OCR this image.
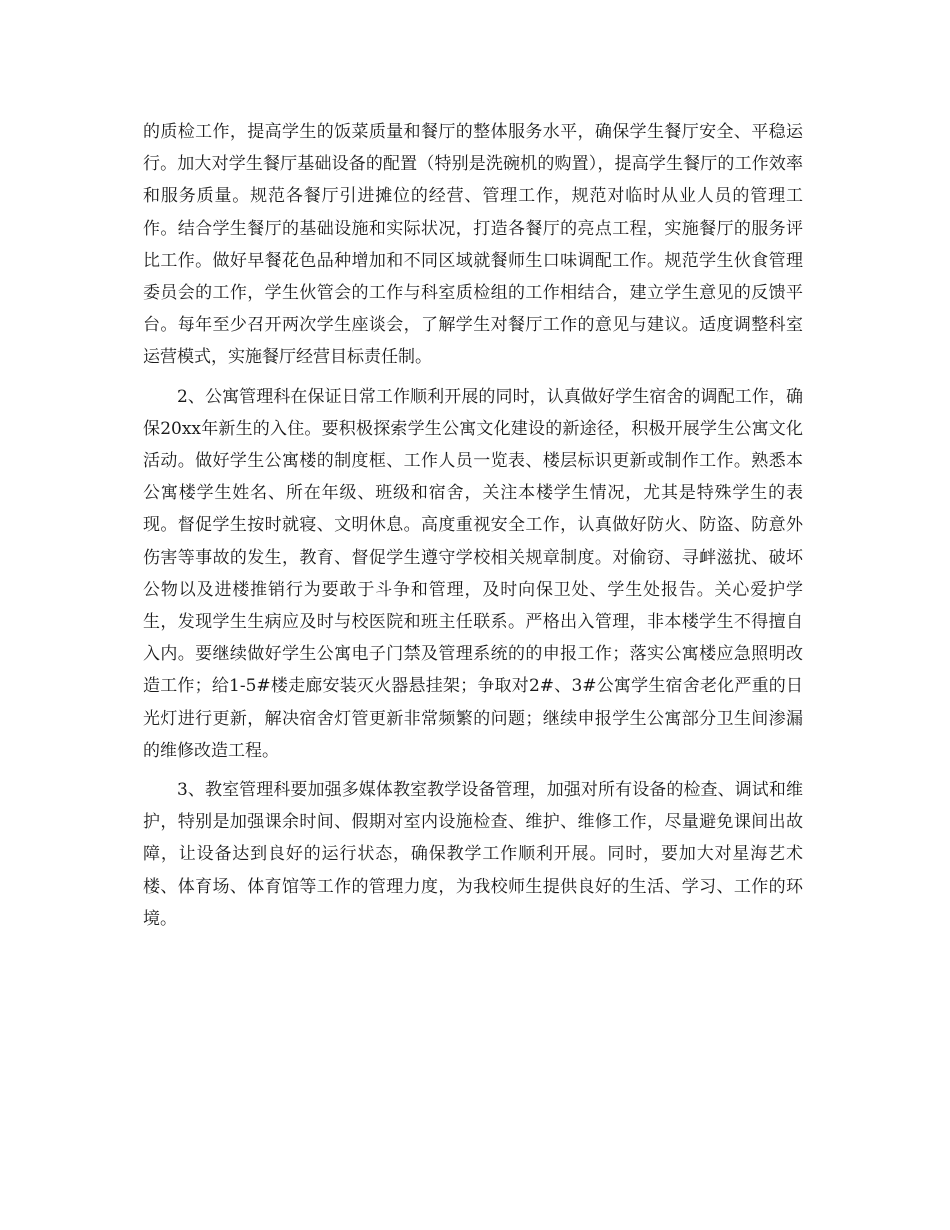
的质检工作，提高学生的饭菜质量和餐厅的整体服务水平，确保学生餐厅安全、平稳运行。加大对学生餐厅基础设备的配置（特别是洗碗机的购置），提高学生餐厅的工作效率和服务质量。规范各餐厅引进摊位的经营、管理工作，规范对临时从业人员的管理工作。结合学生餐厅的基础设施和实际状况，打造各餐厅的亮点工程，实施餐厅的服务评比工作。做好早餐花色品种增加和不同区域就餐师生口味调配工作。规范学生伙食管理委员会的工作，学生伙管会的工作与科室质检组的工作相结合，建立学生意见的反馈平台。每年至少召开两次学生座谈会，了解学生对餐厅工作的意见与建议。适度调整科室运营模式，实施餐厅经营目标责任制。

2、公寓管理科在保证日常工作顺利开展的同时，认真做好学生宿舍的调配工作，确保20xx年新生的入住。要积极探索学生公寓文化建设的新途径，积极开展学生公寓文化活动。做好学生公寓楼的制度框、工作人员一览表、楼层标识更新或制作工作。熟悉本公寓楼学生姓名、所在年级、班级和宿舍，关注本楼学生情况，尤其是特殊学生的表现。督促学生按时就寝、文明休息。高度重视安全工作，认真做好防火、防盗、防意外伤害等事故的发生，教育、督促学生遵守学校相关规章制度。对偷窃、寻衅滋扰、破坏公物以及进楼推销行为要敢于斗争和管理，及时向保卫处、学生处报告。关心爱护学生，发现学生生病应及时与校医院和班主任联系。严格出入管理，非本楼学生不得擅自入内。要继续做好学生公寓电子门禁及管理系统的的申报工作；落实公寓楼应急照明改造工作；给1-5#楼走廊安装灭火器悬挂架；争取对2#、3#公寓学生宿舍老化严重的日光灯进行更新，解决宿舍灯管更新非常频繁的问题；继续申报学生公寓部分卫生间渗漏的维修改造工程。

3、教室管理科要加强多媒体教室教学设备管理，加强对所有设备的检查、调试和维护，特别是加强课余时间、假期对室内设施检查、维护、维修工作，尽量避免课间出故障，让设备达到良好的运行状态，确保教学工作顺利开展。同时，要加大对星海艺术楼、体育场、体育馆等工作的管理力度，为我校师生提供良好的生活、学习、工作的环境。
